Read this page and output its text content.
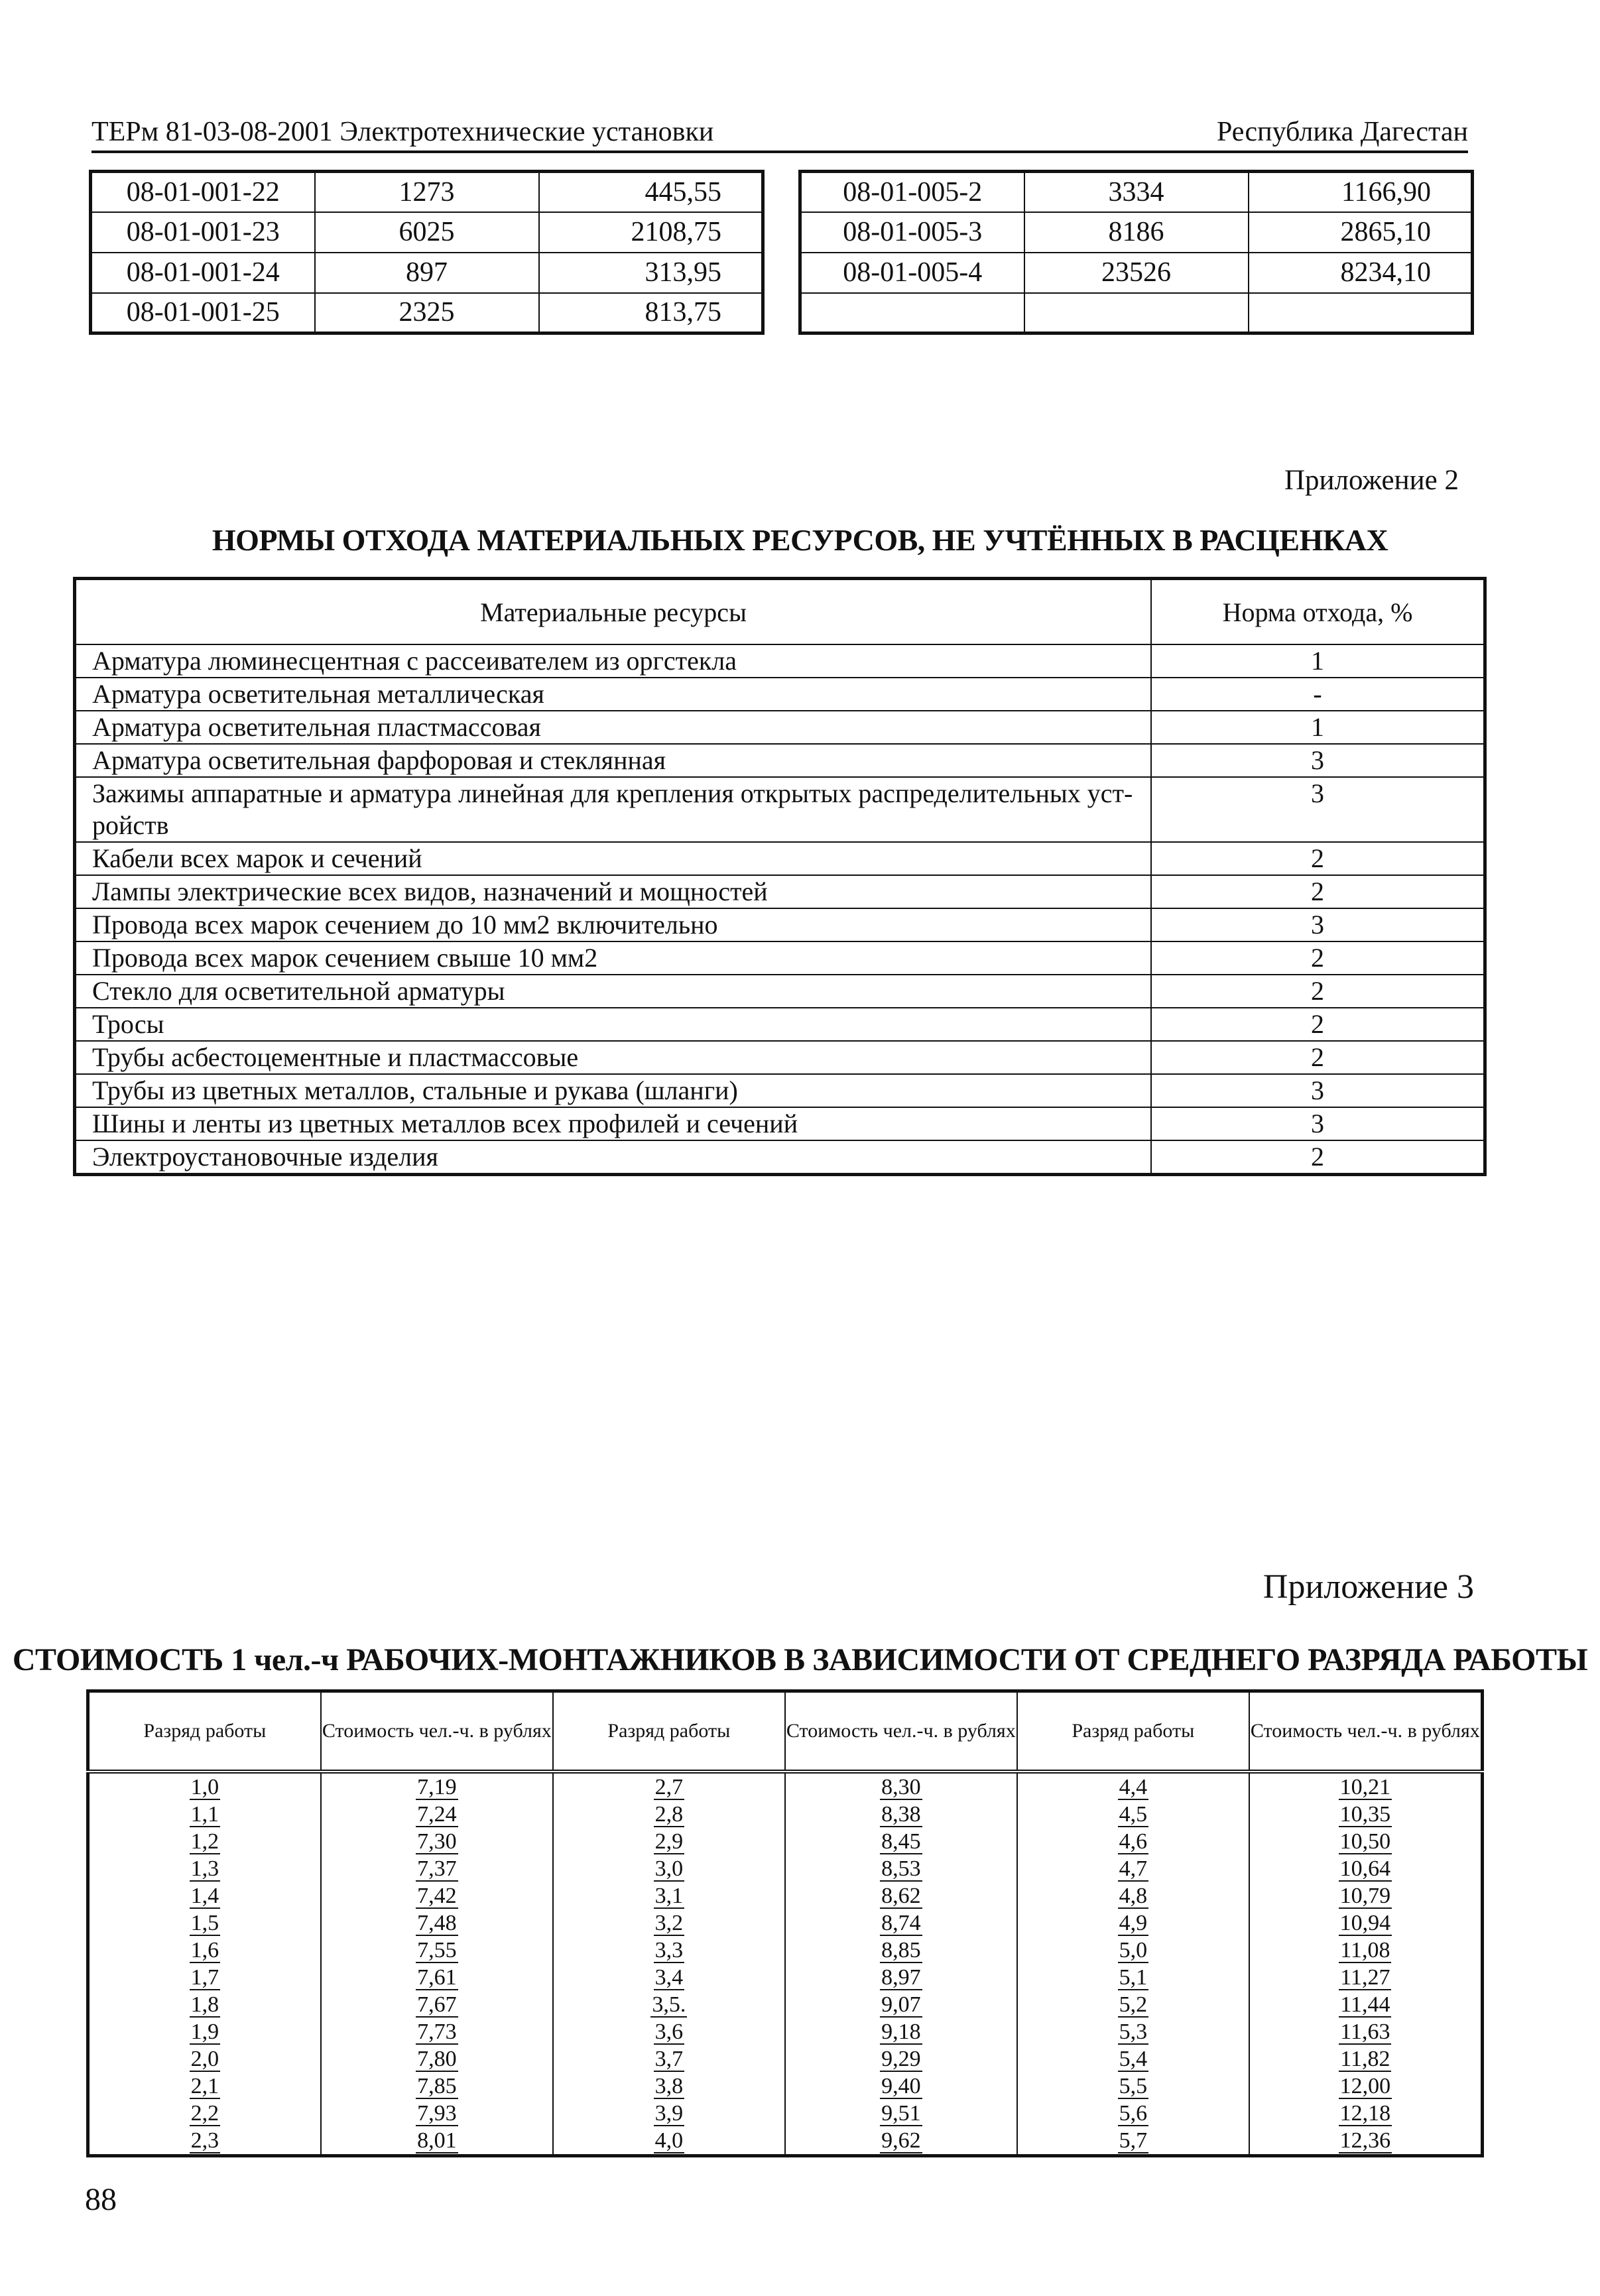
ТЕРм 81-03-08-2001 Электротехнические установки	Республика Дагестан
08-01-001-22	1273	445,55
08-01-001-23	6025	2108,75
08-01-001-24	897	313,95
08-01-001-25	2325	813,75
08-01-005-2	3334	1166,90
08-01-005-3	8186	2865,10
08-01-005-4	23526	8234,10

Приложение 2
НОРМЫ ОТХОДА МАТЕРИАЛЬНЫХ РЕСУРСОВ, НЕ УЧТЁННЫХ В РАСЦЕНКАХ
Материальные ресурсы	Норма отхода, %
Арматура люминесцентная с рассеивателем из оргстекла	1
Арматура осветительная металлическая	-
Арматура осветительная пластмассовая	1
Арматура осветительная фарфоровая и стеклянная	3
Зажимы аппаратные и арматура линейная для крепления открытых распределительных уст-ройств	3
Кабели всех марок и сечений	2
Лампы электрические всех видов, назначений и мощностей	2
Провода всех марок сечением до 10 мм2 включительно	3
Провода всех марок сечением свыше 10 мм2	2
Стекло для осветительной арматуры	2
Тросы	2
Трубы асбестоцементные и пластмассовые	2
Трубы из цветных металлов, стальные и рукава (шланги)	3
Шины и ленты из цветных металлов всех профилей и сечений	3
Электроустановочные изделия	2
Приложение 3
СТОИМОСТЬ 1 чел.-ч РАБОЧИХ-МОНТАЖНИКОВ В ЗАВИСИМОСТИ ОТ СРЕДНЕГО РАЗРЯДА РАБОТЫ
Разряд работы	Стоимость чел.-ч. в рублях	Разряд работы	Стоимость чел.-ч. в рублях	Разряд работы	Стоимость чел.-ч. в рублях
1,0	7,19	2,7	8,30	4,4	10,21
1,1	7,24	2,8	8,38	4,5	10,35
1,2	7,30	2,9	8,45	4,6	10,50
1,3	7,37	3,0	8,53	4,7	10,64
1,4	7,42	3,1	8,62	4,8	10,79
1,5	7,48	3,2	8,74	4,9	10,94
1,6	7,55	3,3	8,85	5,0	11,08
1,7	7,61	3,4	8,97	5,1	11,27
1,8	7,67	3,5.	9,07	5,2	11,44
1,9	7,73	3,6	9,18	5,3	11,63
2,0	7,80	3,7	9,29	5,4	11,82
2,1	7,85	3,8	9,40	5,5	12,00
2,2	7,93	3,9	9,51	5,6	12,18
2,3	8,01	4,0	9,62	5,7	12,36
88
